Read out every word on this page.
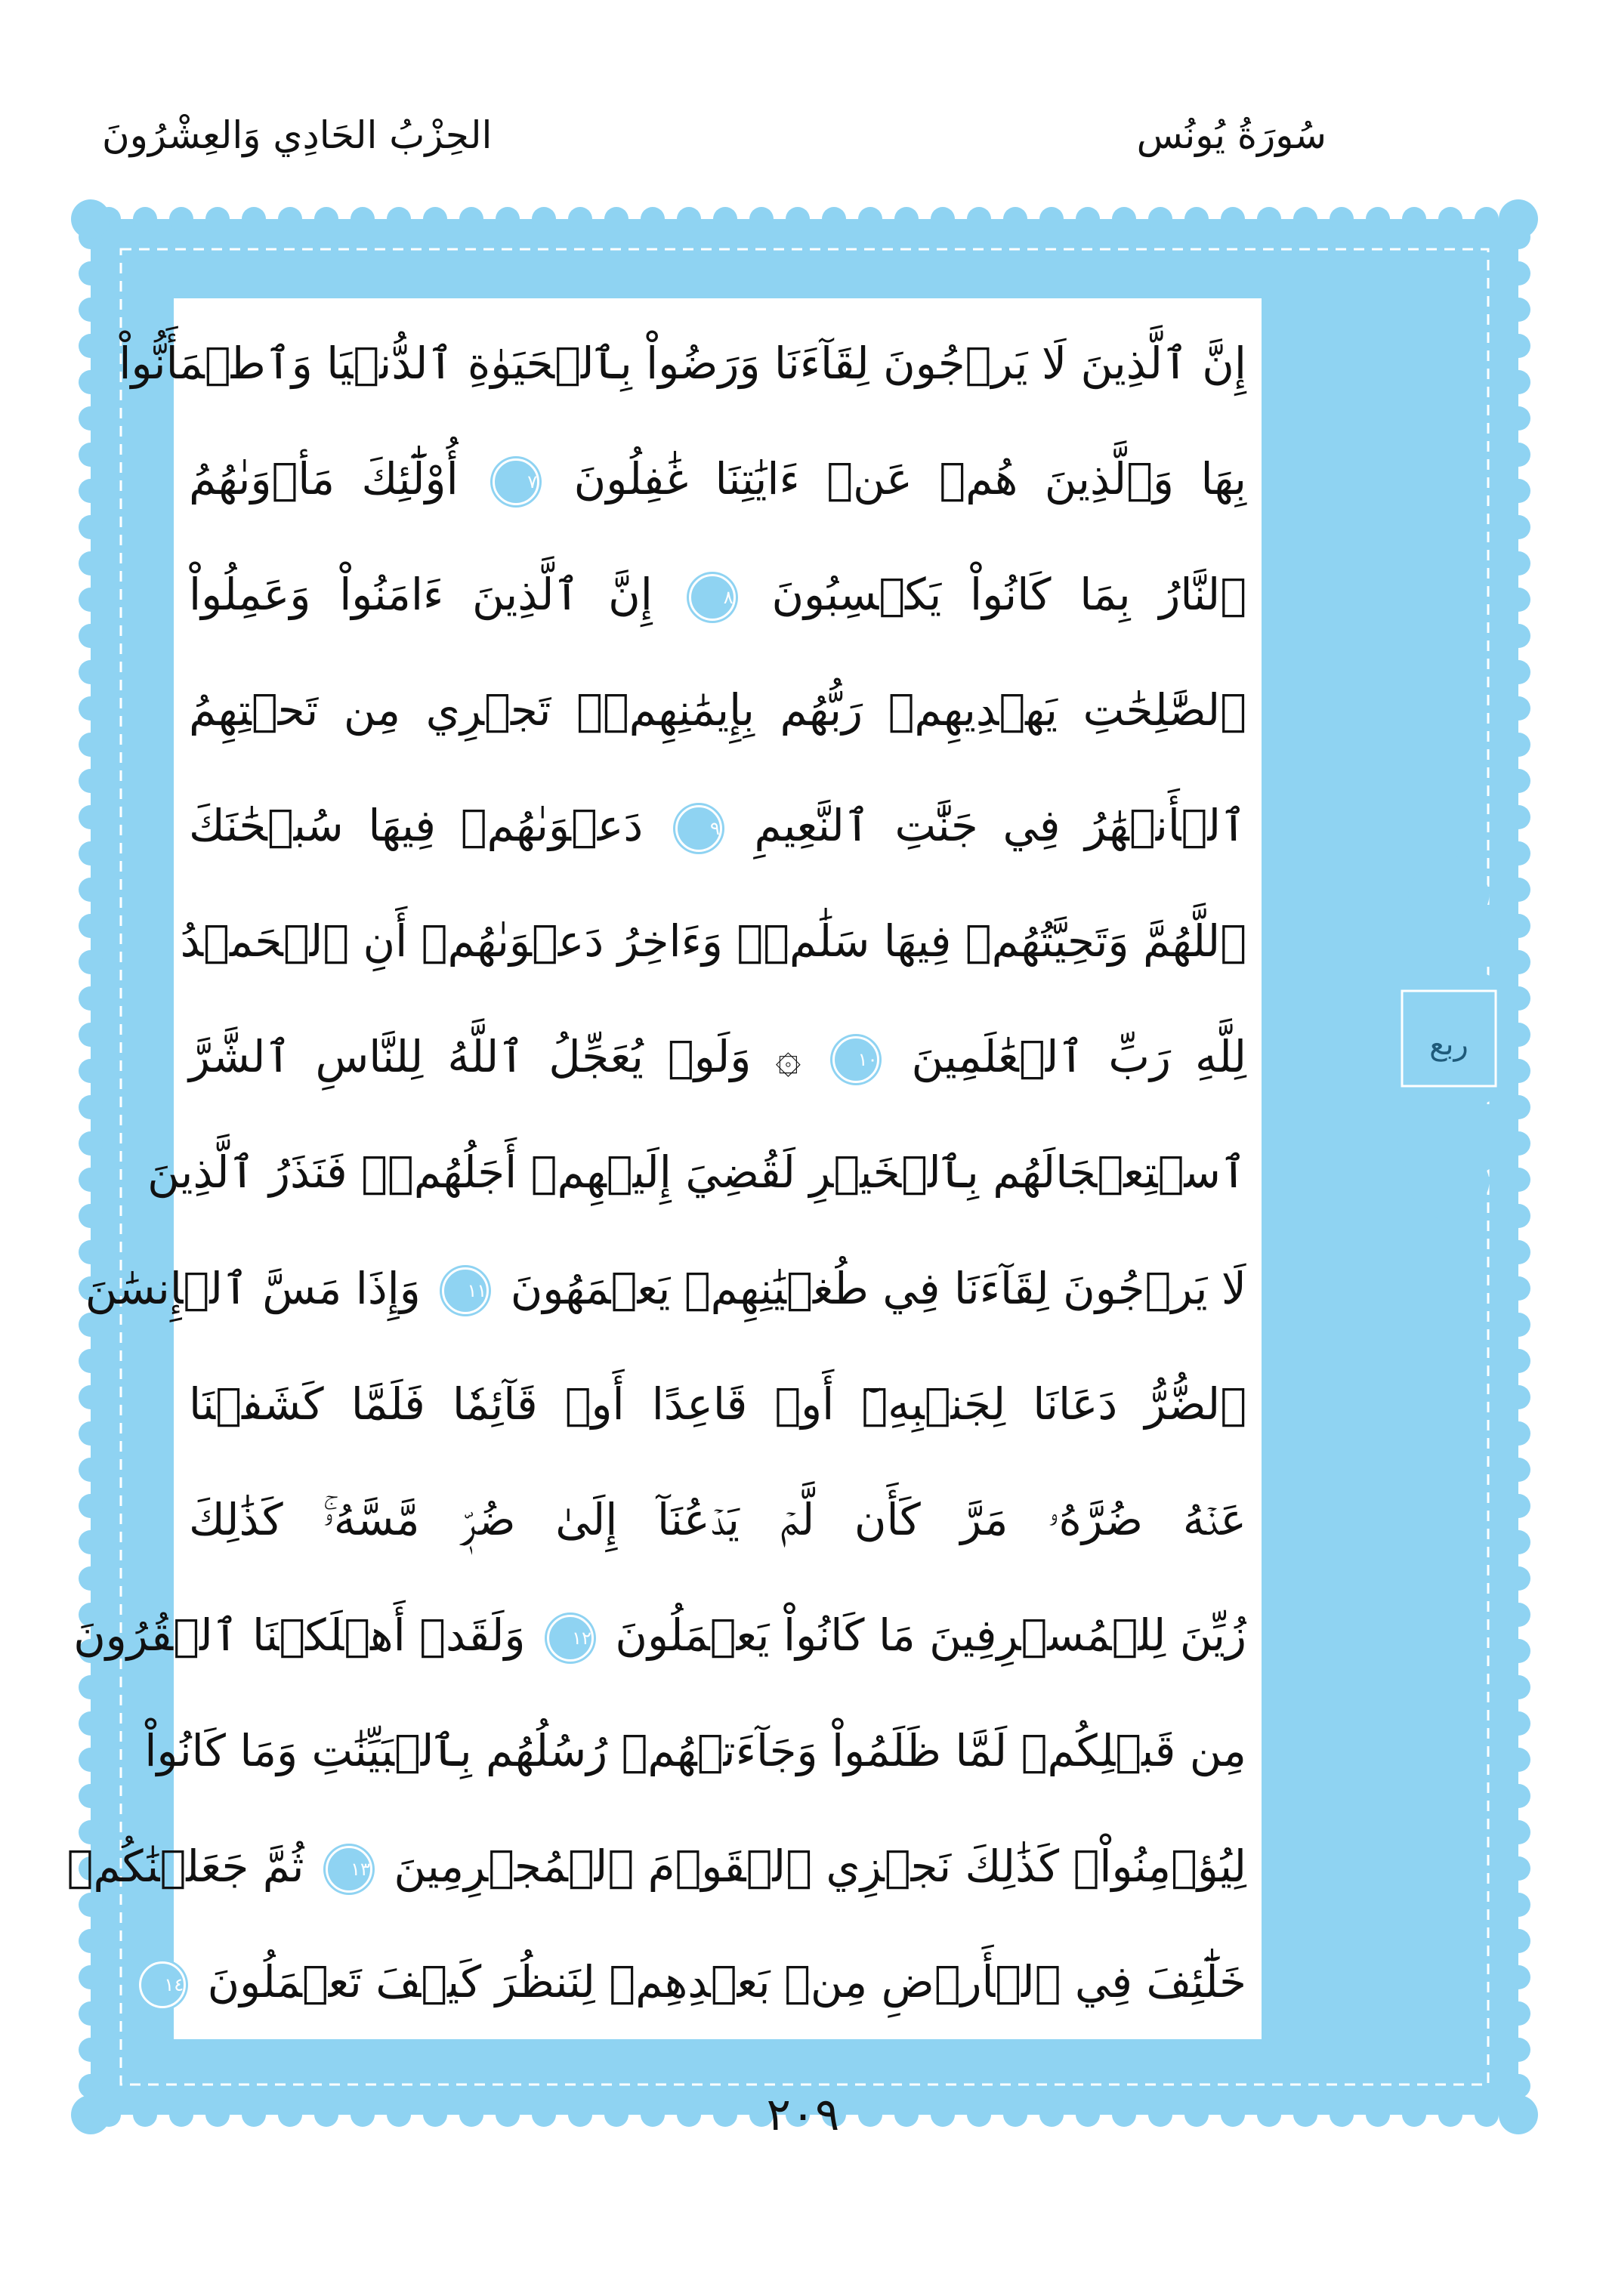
سُورَةُ يُونُس
الحِزْبُ الحَادِي وَالعِشْرُونَ
إِنَّ ٱلَّذِينَ لَا يَرۡجُونَ لِقَآءَنَا وَرَضُواْ بِٱلۡحَيَوٰةِ ٱلدُّنۡيَا وَٱطۡمَأَنُّواْ
بِهَا وَٱلَّذِينَ هُمۡ عَنۡ ءَايَٰتِنَا غَٰفِلُونَ ٧ أُوْلَٰٓئِكَ مَأۡوَىٰهُمُ
ٱلنَّارُ بِمَا كَانُواْ يَكۡسِبُونَ ٨ إِنَّ ٱلَّذِينَ ءَامَنُواْ وَعَمِلُواْ
ٱلصَّٰلِحَٰتِ يَهۡدِيهِمۡ رَبُّهُم بِإِيمَٰنِهِمۡۖ تَجۡرِي مِن تَحۡتِهِمُ
ٱلۡأَنۡهَٰرُ فِي جَنَّٰتِ ٱلنَّعِيمِ ٩ دَعۡوَىٰهُمۡ فِيهَا سُبۡحَٰنَكَ
ٱللَّهُمَّ وَتَحِيَّتُهُمۡ فِيهَا سَلَٰمٞۚ وَءَاخِرُ دَعۡوَىٰهُمۡ أَنِ ٱلۡحَمۡدُ
لِلَّهِ رَبِّ ٱلۡعَٰلَمِينَ ١٠ ۞ وَلَوۡ يُعَجِّلُ ٱللَّهُ لِلنَّاسِ ٱلشَّرَّ
ٱسۡتِعۡجَالَهُم بِٱلۡخَيۡرِ لَقُضِيَ إِلَيۡهِمۡ أَجَلُهُمۡۖ فَنَذَرُ ٱلَّذِينَ
لَا يَرۡجُونَ لِقَآءَنَا فِي طُغۡيَٰنِهِمۡ يَعۡمَهُونَ ١١ وَإِذَا مَسَّ ٱلۡإِنسَٰنَ
ٱلضُّرُّ دَعَانَا لِجَنۢبِهِۦٓ أَوۡ قَاعِدًا أَوۡ قَآئِمٗا فَلَمَّا كَشَفۡنَا
عَنۡهُ ضُرَّهُۥ مَرَّ كَأَن لَّمۡ يَدۡعُنَآ إِلَىٰ ضُرّٖ مَّسَّهُۥۚ كَذَٰلِكَ
زُيِّنَ لِلۡمُسۡرِفِينَ مَا كَانُواْ يَعۡمَلُونَ ١٢ وَلَقَدۡ أَهۡلَكۡنَا ٱلۡقُرُونَ
مِن قَبۡلِكُمۡ لَمَّا ظَلَمُواْ وَجَآءَتۡهُمۡ رُسُلُهُم بِٱلۡبَيِّنَٰتِ وَمَا كَانُواْ
لِيُؤۡمِنُواْۚ كَذَٰلِكَ نَجۡزِي ٱلۡقَوۡمَ ٱلۡمُجۡرِمِينَ ١٣ ثُمَّ جَعَلۡنَٰكُمۡ
خَلَٰٓئِفَ فِي ٱلۡأَرۡضِ مِنۢ بَعۡدِهِمۡ لِنَنظُرَ كَيۡفَ تَعۡمَلُونَ ١٤
ربع
٢٠٩
